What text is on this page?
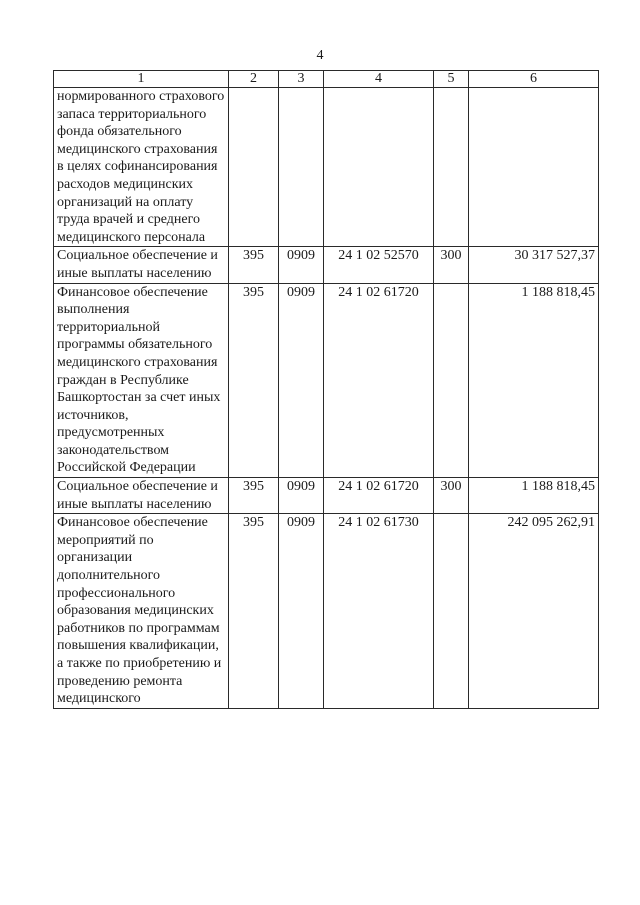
4
1	2	3	4	5	6
нормированного страхового запаса территориального фонда обязательного медицинского страхования в целях софинансирования расходов медицинских организаций на оплату труда врачей и среднего медицинского персонала					
Социальное обеспечение и иные выплаты населению	395	0909	24 1 02 52570	300	30 317 527,37
Финансовое обеспечение выполнения территориальной программы обязательного медицинского страхования граждан в Республике Башкортостан за счет иных источников, предусмотренных законодательством Российской Федерации	395	0909	24 1 02 61720		1 188 818,45
Социальное обеспечение и иные выплаты населению	395	0909	24 1 02 61720	300	1 188 818,45
Финансовое обеспечение мероприятий по организации дополнительного профессионального образования медицинских работников по программам повышения квалификации, а также по приобретению и проведению ремонта медицинского	395	0909	24 1 02 61730		242 095 262,91
